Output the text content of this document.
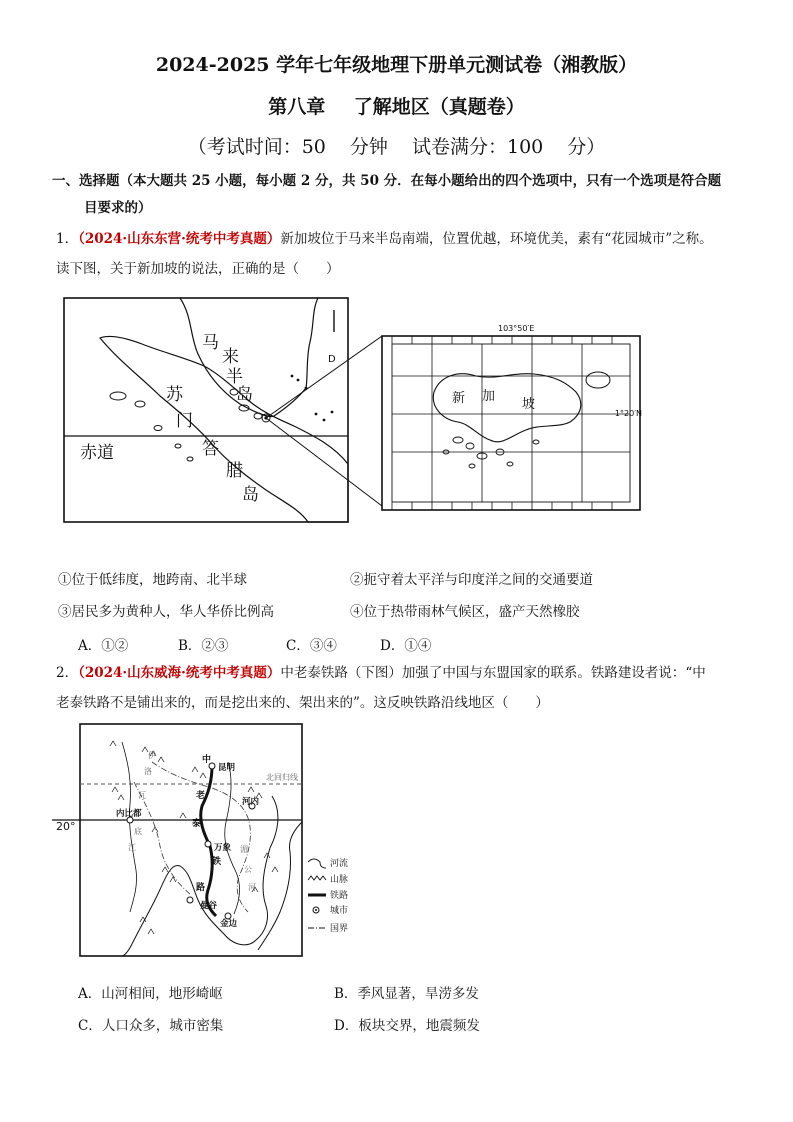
2024-2025 学年七年级地理下册单元测试卷（湘教版）
第八章 了解地区（真题卷）
（考试时间：50 分钟 试卷满分：100 分）
一、选择题（本大题共 25 小题，每小题 2 分，共 50 分．在每小题给出的四个选项中，只有一个选项是符合题
目要求的）
1．（2024·山东东营·统考中考真题）新加坡位于马来半岛南端，位置优越，环境优美，素有“花园城市”之称。
读下图，关于新加坡的说法，正确的是（　　）
D
马
来
半
岛
苏
门
答
腊
岛
赤道
103°50′E
1°20′N
新 加
坡
①位于低纬度，地跨南、北半球	②扼守着太平洋与印度洋之间的交通要道
③居民多为黄种人，华人华侨比例高	④位于热带雨林气候区，盛产天然橡胶
A．①②	B．②③	C．③④	D．①④
2．（2024·山东威海·统考中考真题）中老泰铁路（下图）加强了中国与东盟国家的联系。铁路建设者说：“中
老泰铁路不是铺出来的，而是挖出来的、架出来的”。这反映铁路沿线地区（　　）
20°
北回归线
昆明
河内
内比都
万象
曼谷
金边
中
老
泰
铁
路
伊
洛
瓦
底
江	湄
公
河
河流
山脉
铁路
城市
国界
A．山河相间，地形崎岖	B．季风显著，旱涝多发
C．人口众多，城市密集	D．板块交界，地震频发
